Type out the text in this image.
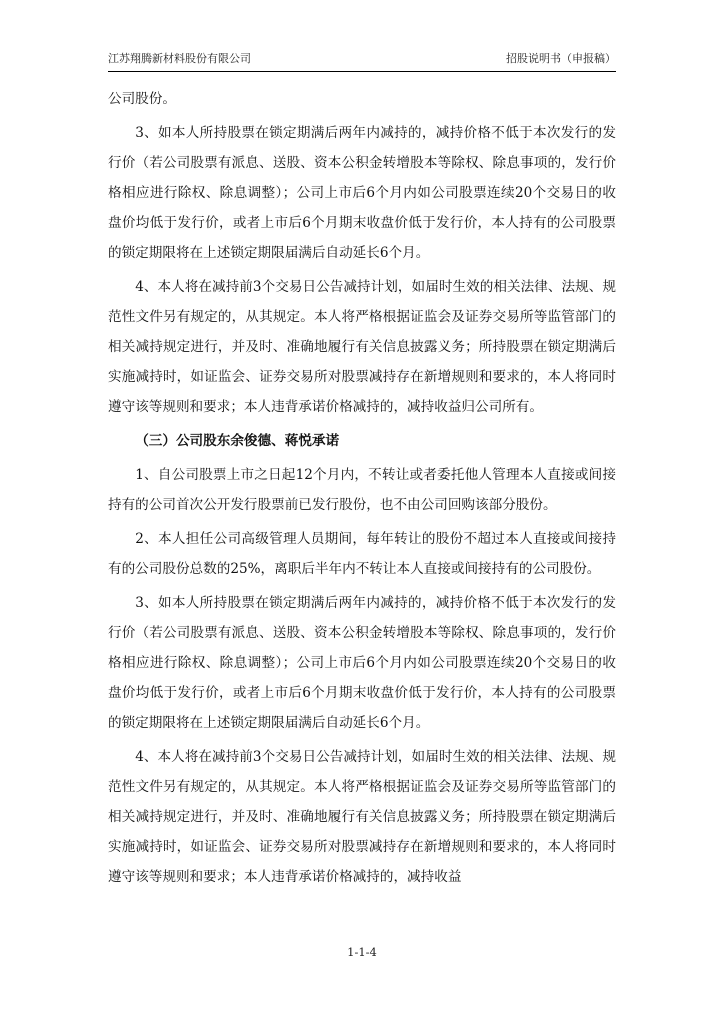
江苏翔腾新材料股份有限公司	招股说明书（申报稿）

公司股份。

3、如本人所持股票在锁定期满后两年内减持的，减持价格不低于本次发行的发行价（若公司股票有派息、送股、资本公积金转增股本等除权、除息事项的，发行价格相应进行除权、除息调整）；公司上市后6个月内如公司股票连续20个交易日的收盘价均低于发行价，或者上市后6个月期末收盘价低于发行价，本人持有的公司股票的锁定期限将在上述锁定期限届满后自动延长6个月。

4、本人将在减持前3个交易日公告减持计划，如届时生效的相关法律、法规、规范性文件另有规定的，从其规定。本人将严格根据证监会及证券交易所等监管部门的相关减持规定进行，并及时、准确地履行有关信息披露义务；所持股票在锁定期满后实施减持时，如证监会、证券交易所对股票减持存在新增规则和要求的，本人将同时遵守该等规则和要求；本人违背承诺价格减持的，减持收益归公司所有。

（三）公司股东余俊德、蒋悦承诺

1、自公司股票上市之日起12个月内，不转让或者委托他人管理本人直接或间接持有的公司首次公开发行股票前已发行股份，也不由公司回购该部分股份。

2、本人担任公司高级管理人员期间，每年转让的股份不超过本人直接或间接持有的公司股份总数的25%，离职后半年内不转让本人直接或间接持有的公司股份。

3、如本人所持股票在锁定期满后两年内减持的，减持价格不低于本次发行的发行价（若公司股票有派息、送股、资本公积金转增股本等除权、除息事项的，发行价格相应进行除权、除息调整）；公司上市后6个月内如公司股票连续20个交易日的收盘价均低于发行价，或者上市后6个月期末收盘价低于发行价，本人持有的公司股票的锁定期限将在上述锁定期限届满后自动延长6个月。

4、本人将在减持前3个交易日公告减持计划，如届时生效的相关法律、法规、规范性文件另有规定的，从其规定。本人将严格根据证监会及证券交易所等监管部门的相关减持规定进行，并及时、准确地履行有关信息披露义务；所持股票在锁定期满后实施减持时，如证监会、证券交易所对股票减持存在新增规则和要求的，本人将同时遵守该等规则和要求；本人违背承诺价格减持的，减持收益

1-1-4
